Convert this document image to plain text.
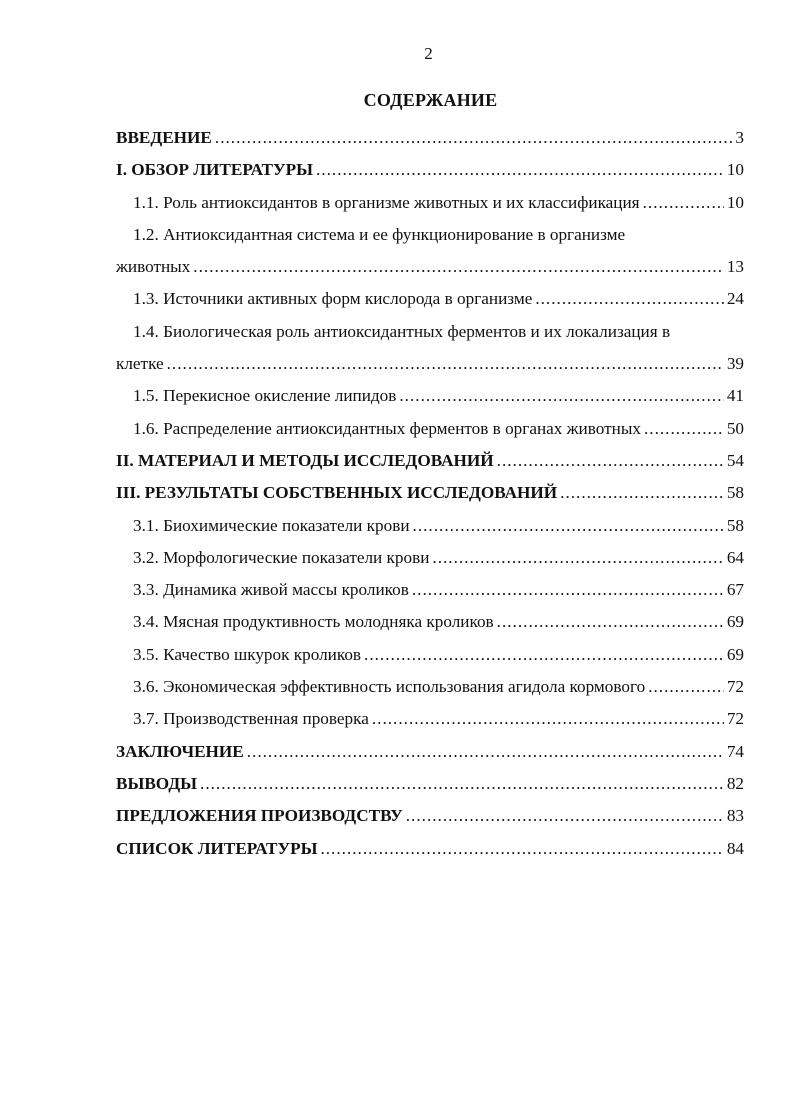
2
СОДЕРЖАНИЕ
ВВЕДЕНИЕ .....	3
I. ОБЗОР ЛИТЕРАТУРЫ .....	10
1.1. Роль антиоксидантов в организме животных и их классификация .....	10
1.2. Антиоксидантная система и ее функционирование в организме
животных .....	13
1.3. Источники активных форм кислорода в организме .....	24
1.4. Биологическая роль антиоксидантных ферментов и их локализация в
клетке .....	39
1.5. Перекисное окисление липидов .....	41
1.6. Распределение антиоксидантных ферментов в органах животных .....	50
II. МАТЕРИАЛ И МЕТОДЫ ИССЛЕДОВАНИЙ .....	54
III. РЕЗУЛЬТАТЫ СОБСТВЕННЫХ ИССЛЕДОВАНИЙ .....	58
3.1. Биохимические показатели крови .....	58
3.2. Морфологические показатели крови .....	64
3.3. Динамика живой массы кроликов .....	67
3.4. Мясная продуктивность молодняка кроликов .....	69
3.5. Качество шкурок кроликов .....	69
3.6. Экономическая эффективность использования агидола кормового .....	72
3.7. Производственная проверка .....	72
ЗАКЛЮЧЕНИЕ .....	74
ВЫВОДЫ .....	82
ПРЕДЛОЖЕНИЯ ПРОИЗВОДСТВУ .....	83
СПИСОК ЛИТЕРАТУРЫ .....	84
